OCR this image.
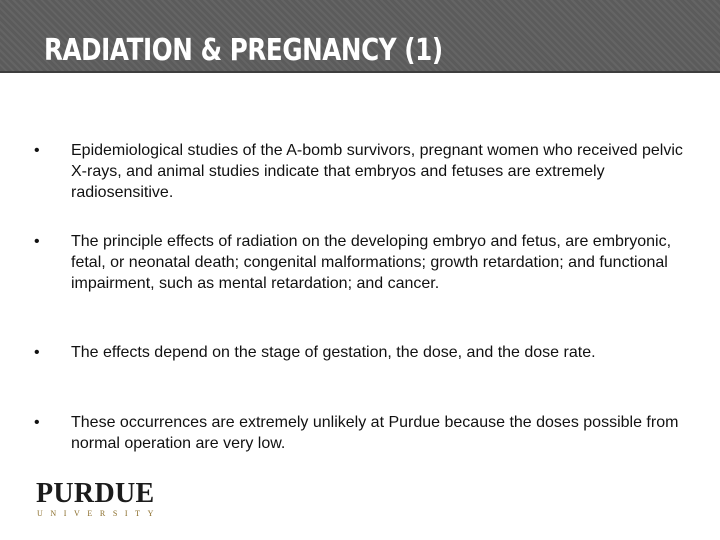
RADIATION & PREGNANCY (1)
•	Epidemiological studies of the A-bomb survivors, pregnant women who received pelvic X-rays, and animal studies indicate that embryos and fetuses are extremely radiosensitive.
•	The principle effects of radiation on the developing embryo and fetus, are embryonic, fetal, or neonatal death; congenital malformations; growth retardation; and functional impairment, such as mental retardation; and cancer.
•	The effects depend on the stage of gestation, the dose, and the dose rate.
•	These occurrences are extremely unlikely at Purdue because the doses possible from normal operation are very low.
PURDUE
UNIVERSITY
